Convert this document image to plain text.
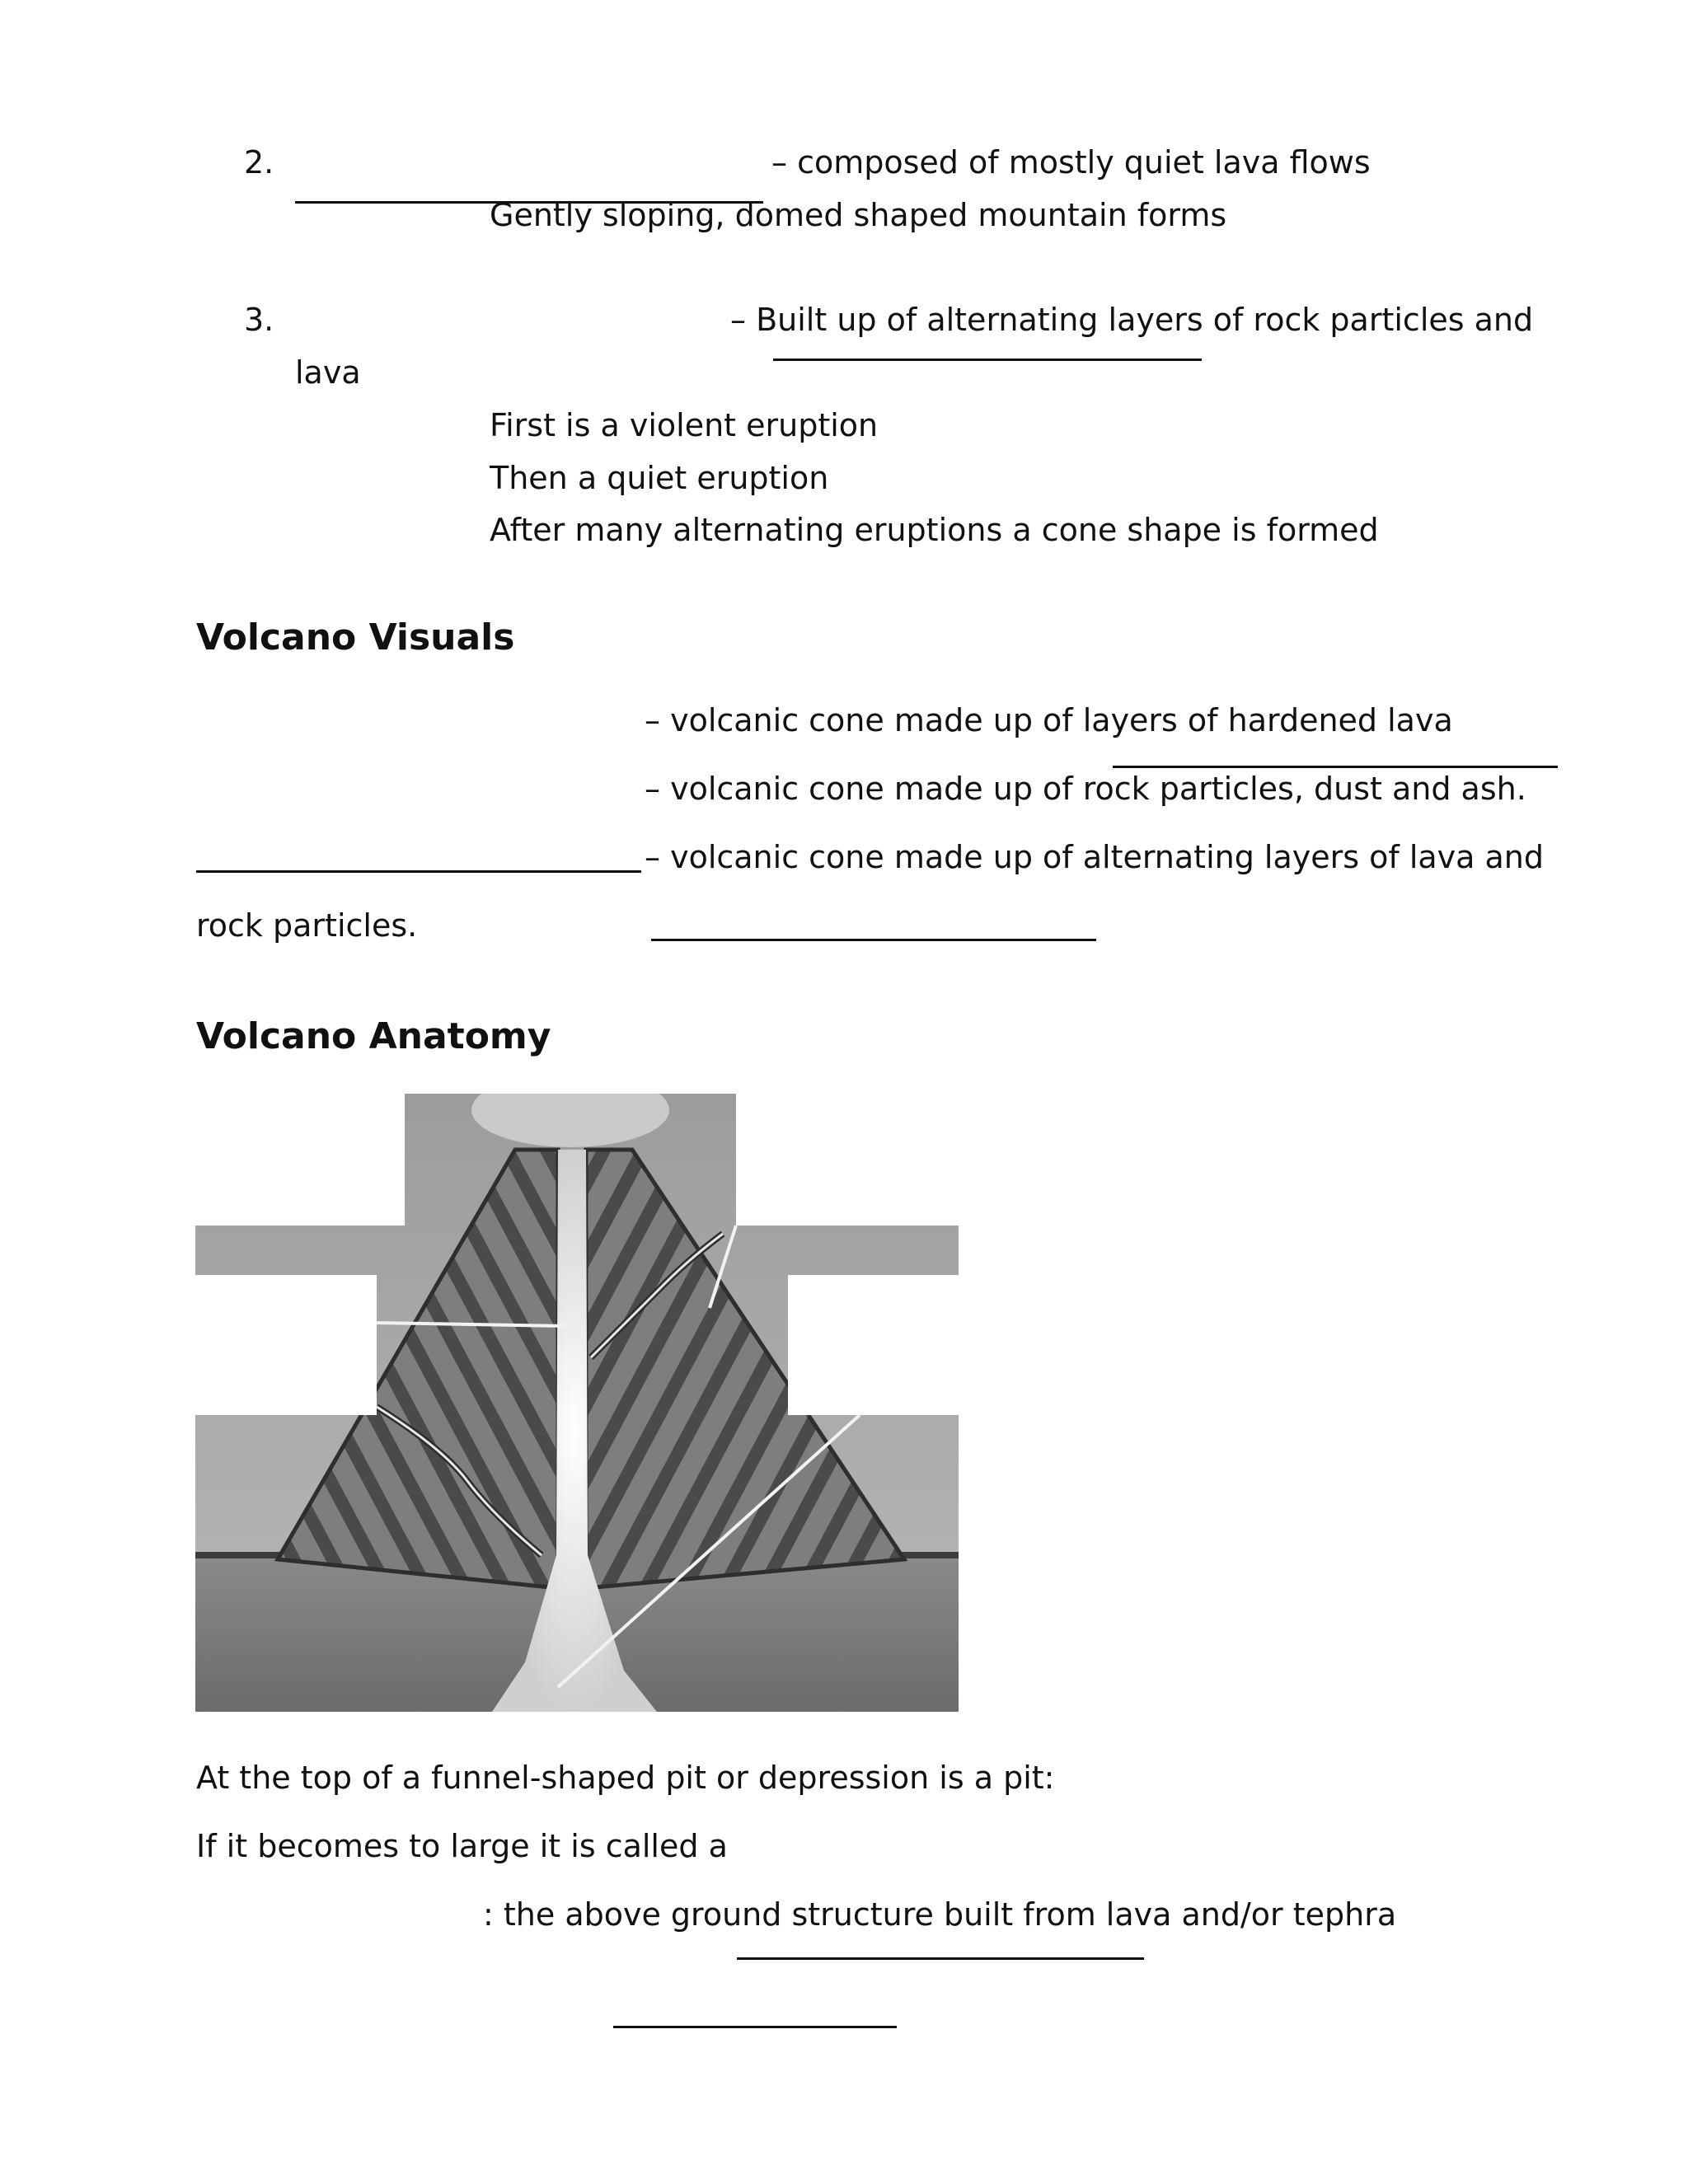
2.
	– composed of mostly quiet lava flows
Gently sloping, domed shaped mountain forms
3.
	– Built up of alternating layers of rock particles and
lava
First is a violent eruption
Then a quiet eruption
After many alternating eruptions a cone shape is formed
Volcano Visuals

– volcanic cone made up of layers of hardened lava

– volcanic cone made up of rock particles, dust and ash.

– volcanic cone made up of alternating layers of lava and
rock particles.
Volcano Anatomy
At the top of a funnel-shaped pit or depression is a pit:

If it becomes to large it is called a

: the above ground structure built from lava and/or tephra
